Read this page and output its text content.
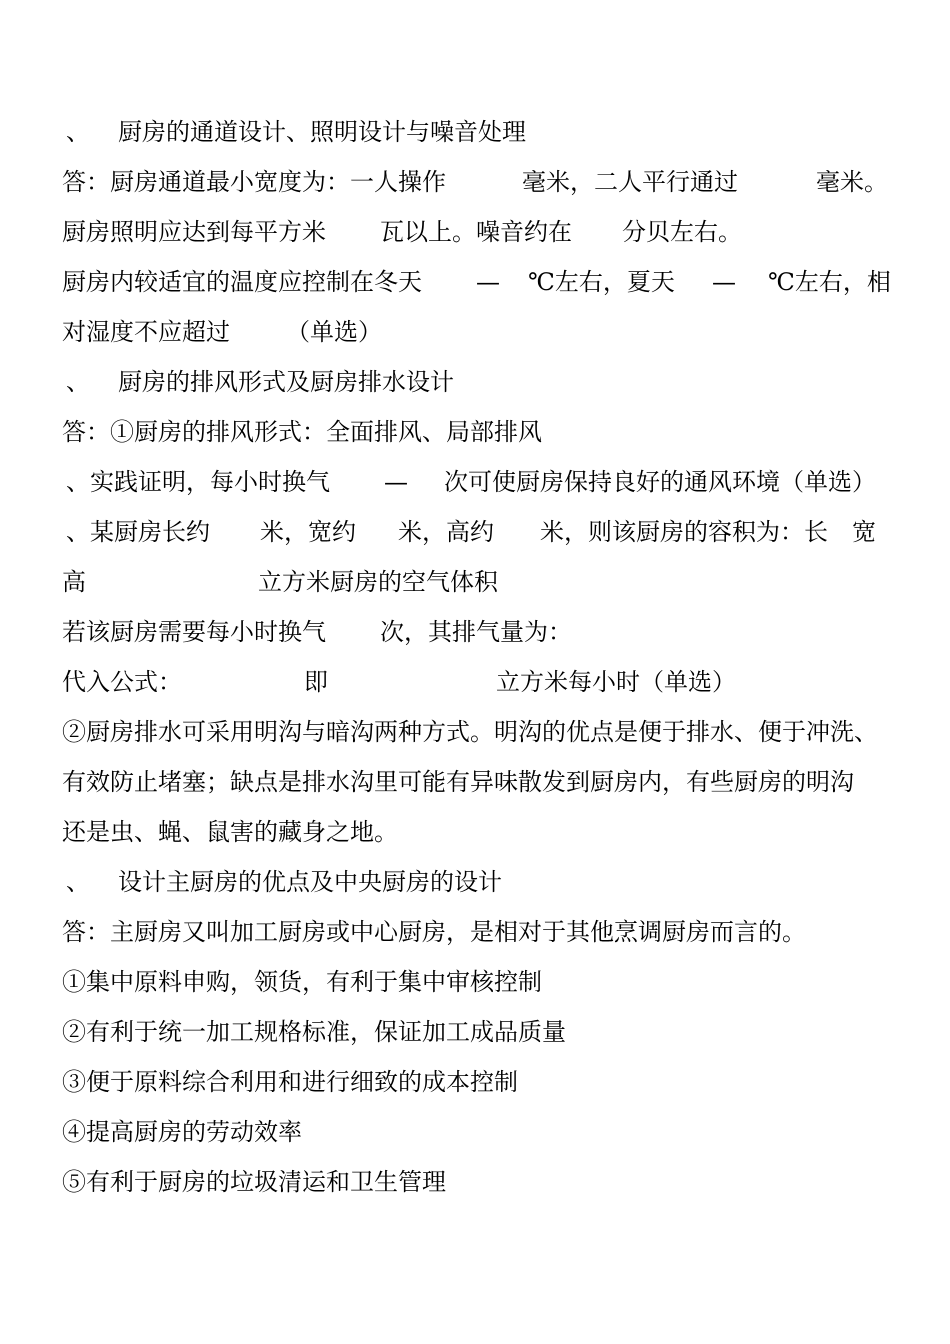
、

厨房的通道设计、照明设计与噪音处理

答：厨房通道最小宽度为：一人操作

	毫米，二人平行通过

	毫米。

厨房照明应达到每平方米

瓦以上。噪音约在

分贝左右。

厨房内较适宜的温度应控制在冬天

—

℃左右，夏天

—

℃左右，相

对湿度不应超过

（单选）

、

厨房的排风形式及厨房排水设计

答：①厨房的排风形式：全面排风、局部排风

、实践证明，每小时换气

—

次可使厨房保持良好的通风环境（单选）

、某厨房长约

米，宽约

米，高约

米，则该厨房的容积为：长

宽

高

	立方米厨房的空气体积

若该厨房需要每小时换气

次，其排气量为：

代入公式：

	即

	立方米每小时（单选）

②厨房排水可采用明沟与暗沟两种方式。明沟的优点是便于排水、便于冲洗、

有效防止堵塞；缺点是排水沟里可能有异味散发到厨房内，有些厨房的明沟

还是虫、蝇、鼠害的藏身之地。

、

设计主厨房的优点及中央厨房的设计

答：主厨房又叫加工厨房或中心厨房，是相对于其他烹调厨房而言的。

①集中原料申购，领货，有利于集中审核控制

②有利于统一加工规格标准，保证加工成品质量

③便于原料综合利用和进行细致的成本控制

④提高厨房的劳动效率

⑤有利于厨房的垃圾清运和卫生管理
